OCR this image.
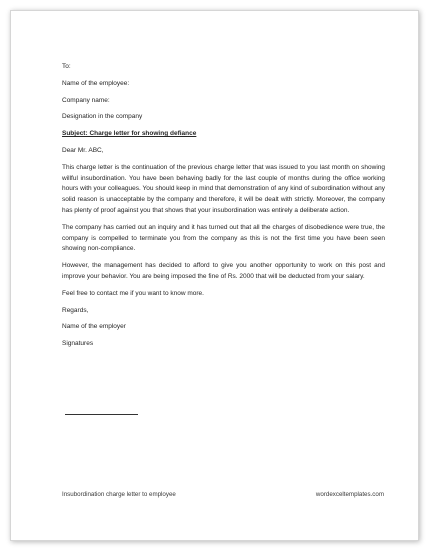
To:

Name of the employee:

Company name:

Designation in the company

Subject: Charge letter for showing defiance

Dear Mr. ABC,

This charge letter is the continuation of the previous charge letter that was issued to you last month on showing willful insubordination. You have been behaving badly for the last couple of months during the office working hours with your colleagues. You should keep in mind that demonstration of any kind of subordination without any solid reason is unacceptable by the company and therefore, it will be dealt with strictly. Moreover, the company has plenty of proof against you that shows that your insubordination was entirely a deliberate action.

The company has carried out an inquiry and it has turned out that all the charges of disobedience were true, the company is compelled to terminate you from the company as this is not the first time you have been seen showing non-compliance.

However, the management has decided to afford to give you another opportunity to work on this post and improve your behavior. You are being imposed the fine of Rs. 2000 that will be deducted from your salary.

Feel free to contact me if you want to know more.

Regards,

Name of the employer

Signatures

Insubordination charge letter to employee	wordexceltemplates.com
